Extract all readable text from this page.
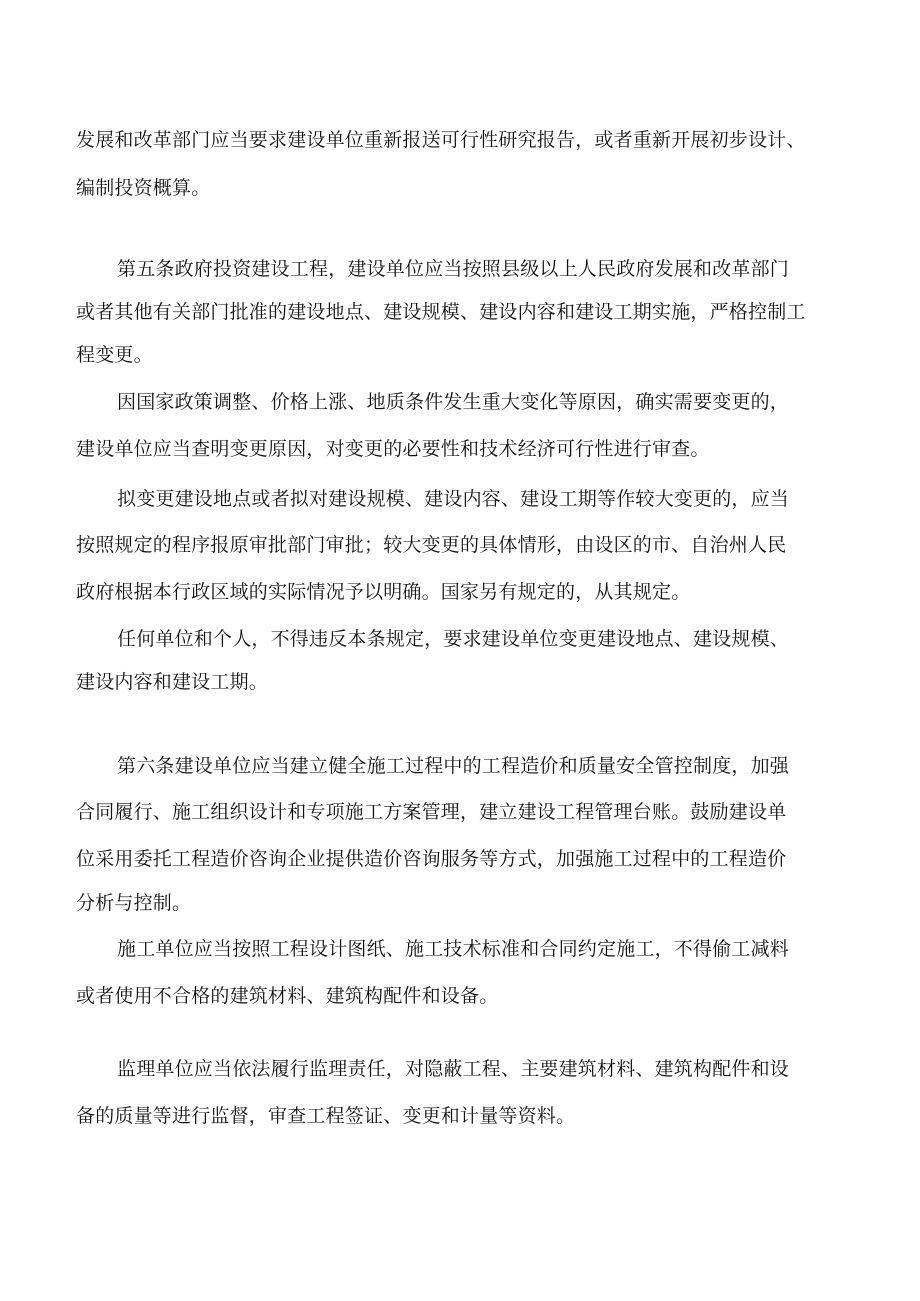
发展和改革部门应当要求建设单位重新报送可行性研究报告，或者重新开展初步设计、
编制投资概算。
第五条政府投资建设工程，建设单位应当按照县级以上人民政府发展和改革部门
或者其他有关部门批准的建设地点、建设规模、建设内容和建设工期实施，严格控制工
程变更。
因国家政策调整、价格上涨、地质条件发生重大变化等原因，确实需要变更的，
建设单位应当查明变更原因，对变更的必要性和技术经济可行性进行审查。
拟变更建设地点或者拟对建设规模、建设内容、建设工期等作较大变更的，应当
按照规定的程序报原审批部门审批；较大变更的具体情形，由设区的市、自治州人民
政府根据本行政区域的实际情况予以明确。国家另有规定的，从其规定。
任何单位和个人，不得违反本条规定，要求建设单位变更建设地点、建设规模、
建设内容和建设工期。
第六条建设单位应当建立健全施工过程中的工程造价和质量安全管控制度，加强
合同履行、施工组织设计和专项施工方案管理，建立建设工程管理台账。鼓励建设单
位采用委托工程造价咨询企业提供造价咨询服务等方式，加强施工过程中的工程造价
分析与控制。
施工单位应当按照工程设计图纸、施工技术标准和合同约定施工，不得偷工减料
或者使用不合格的建筑材料、建筑构配件和设备。
监理单位应当依法履行监理责任，对隐蔽工程、主要建筑材料、建筑构配件和设
备的质量等进行监督，审查工程签证、变更和计量等资料。
